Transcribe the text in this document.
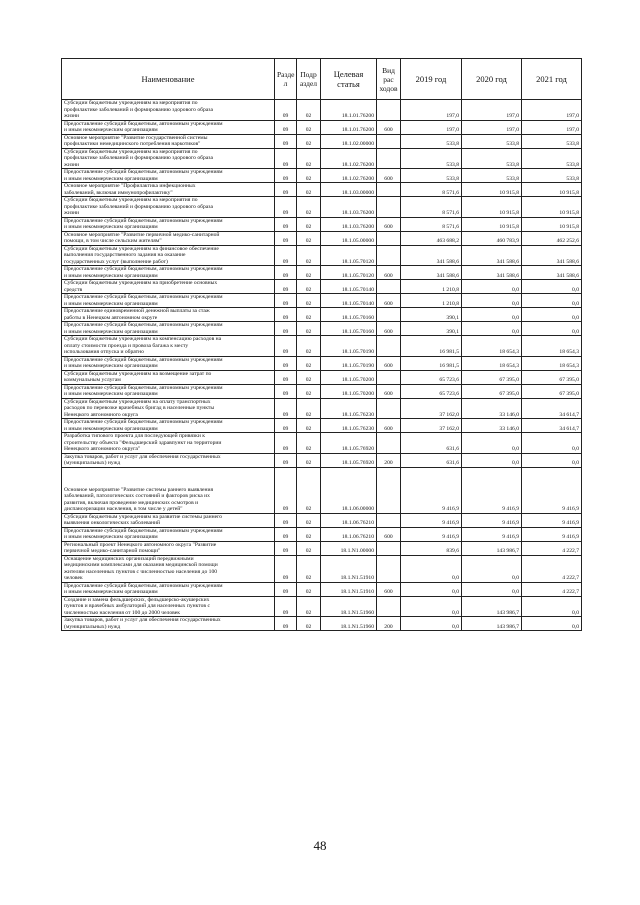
Наименование	Разде л	Подр аздел	Целевая статья	Вид рас ходов	2019 год	2020 год	2021 год
Субсидии бюджетным учреждениям на мероприятия по
профилактике заболеваний и формированию здорового образа
жизни	09	02	18.1.01.76200		197,0	197,0	197,0
Предоставление субсидий бюджетным, автономным учреждениям
и иным некоммерческим организациям	09	02	18.1.01.76200	600	197,0	197,0	197,0
Основное мероприятие "Развитие государственной системы
профилактики немедицинского потребления наркотиков"	09	02	18.1.02.00000		533,8	533,8	533,8
Субсидии бюджетным учреждениям на мероприятия по
профилактике заболеваний и формированию здорового образа
жизни	09	02	18.1.02.76200		533,8	533,8	533,8
Предоставление субсидий бюджетным, автономным учреждениям
и иным некоммерческим организациям	09	02	18.1.02.76200	600	533,8	533,8	533,8
Основное мероприятие "Профилактика инфекционных
заболеваний, включая иммунопрофилактику"	09	02	18.1.03.00000		8 571,6	10 915,8	10 915,8
Субсидии бюджетным учреждениям на мероприятия по
профилактике заболеваний и формированию здорового образа
жизни	09	02	18.1.03.76200		8 571,6	10 915,8	10 915,8
Предоставление субсидий бюджетным, автономным учреждениям
и иным некоммерческим организациям	09	02	18.1.03.76200	600	8 571,6	10 915,8	10 915,8
Основное мероприятие "Развитие первичной медико-санитарной
помощи, в том числе сельским жителям"	09	02	18.1.05.00000		463 688,2	460 783,9	462 252,6
Субсидии бюджетным учреждениям на финансовое обеспечение
выполнения государственного задания на оказание
государственных услуг (выполнение работ)	09	02	18.1.05.70120		341 588,6	341 588,6	341 588,6
Предоставление субсидий бюджетным, автономным учреждениям
и иным некоммерческим организациям	09	02	18.1.05.70120	600	341 588,6	341 588,6	341 588,6
Субсидии бюджетным учреждениям на приобретение основных
средств	09	02	18.1.05.70140		1 210,8	0,0	0,0
Предоставление субсидий бюджетным, автономным учреждениям
и иным некоммерческим организациям	09	02	18.1.05.70140	600	1 210,8	0,0	0,0
Предоставление единовременной денежной выплаты за стаж
работы в Ненецком автономном округе	09	02	18.1.05.70160		390,1	0,0	0,0
Предоставление субсидий бюджетным, автономным учреждениям
и иным некоммерческим организациям	09	02	18.1.05.70160	600	390,1	0,0	0,0
Субсидии бюджетным учреждениям на компенсацию расходов на
оплату стоимости проезда и провоза багажа к месту
использования отпуска и обратно	09	02	18.1.05.70190		16 981,5	18 654,3	18 654,3
Предоставление субсидий бюджетным, автономным учреждениям
и иным некоммерческим организациям	09	02	18.1.05.70190	600	16 981,5	18 654,3	18 654,3
Субсидии бюджетным учреждениям на возмещение затрат по
коммунальным услугам	09	02	18.1.05.70200		65 723,6	67 395,0	67 395,0
Предоставление субсидий бюджетным, автономным учреждениям
и иным некоммерческим организациям	09	02	18.1.05.70200	600	65 723,6	67 395,0	67 395,0
Субсидии бюджетным учреждениям на оплату транспортных
расходов по перевозке врачебных бригад в населенные пункты
Ненецкого автономного округа	09	02	18.1.05.76230		37 162,0	33 146,0	34 614,7
Предоставление субсидий бюджетным, автономным учреждениям
и иным некоммерческим организациям	09	02	18.1.05.76230	600	37 162,0	33 146,0	34 614,7
Разработка типового проекта для последующей привязки к
строительству объекта "Фельдшерский здравпункт на территории
Ненецкого автономного округа"	09	02	18.1.05.76920		631,6	0,0	0,0
Закупка товаров, работ и услуг для обеспечения государственных
(муниципальных) нужд	09	02	18.1.05.76920	200	631,6	0,0	0,0
Основное мероприятие "Развитие системы раннего выявления
заболеваний, патологических состояний и факторов риска их
развития, включая проведение медицинских осмотров и
диспансеризации населения, в том числе у детей"	09	02	18.1.06.00000		9 416,9	9 416,9	9 416,9
Субсидии бюджетным учреждениям на развитие системы раннего
выявления онкологических заболеваний	09	02	18.1.06.76210		9 416,9	9 416,9	9 416,9
Предоставление субсидий бюджетным, автономным учреждениям
и иным некоммерческим организациям	09	02	18.1.06.76210	600	9 416,9	9 416,9	9 416,9
Региональный проект Ненецкого автономного округа "Развитие
первичной медико-санитарной помощи"	09	02	18.1.N1.00000		839,6	143 986,7	4 222,7
Оснащение медицинских организаций передвижными
медицинскими комплексами для оказания медицинской помощи
жителям населенных пунктов с численностью населения до 100
человек	09	02	18.1.N1.51910		0,0	0,0	4 222,7
Предоставление субсидий бюджетным, автономным учреждениям
и иным некоммерческим организациям	09	02	18.1.N1.51910	600	0,0	0,0	4 222,7
Создание и замена фельдшерских, фельдшерско-акушерских
пунктов и врачебных амбулаторий для населенных пунктов с
численностью населения от 100 до 2000 человек	09	02	18.1.N1.51960		0,0	143 986,7	0,0
Закупка товаров, работ и услуг для обеспечения государственных
(муниципальных) нужд	09	02	18.1.N1.51960	200	0,0	143 986,7	0,0
48
